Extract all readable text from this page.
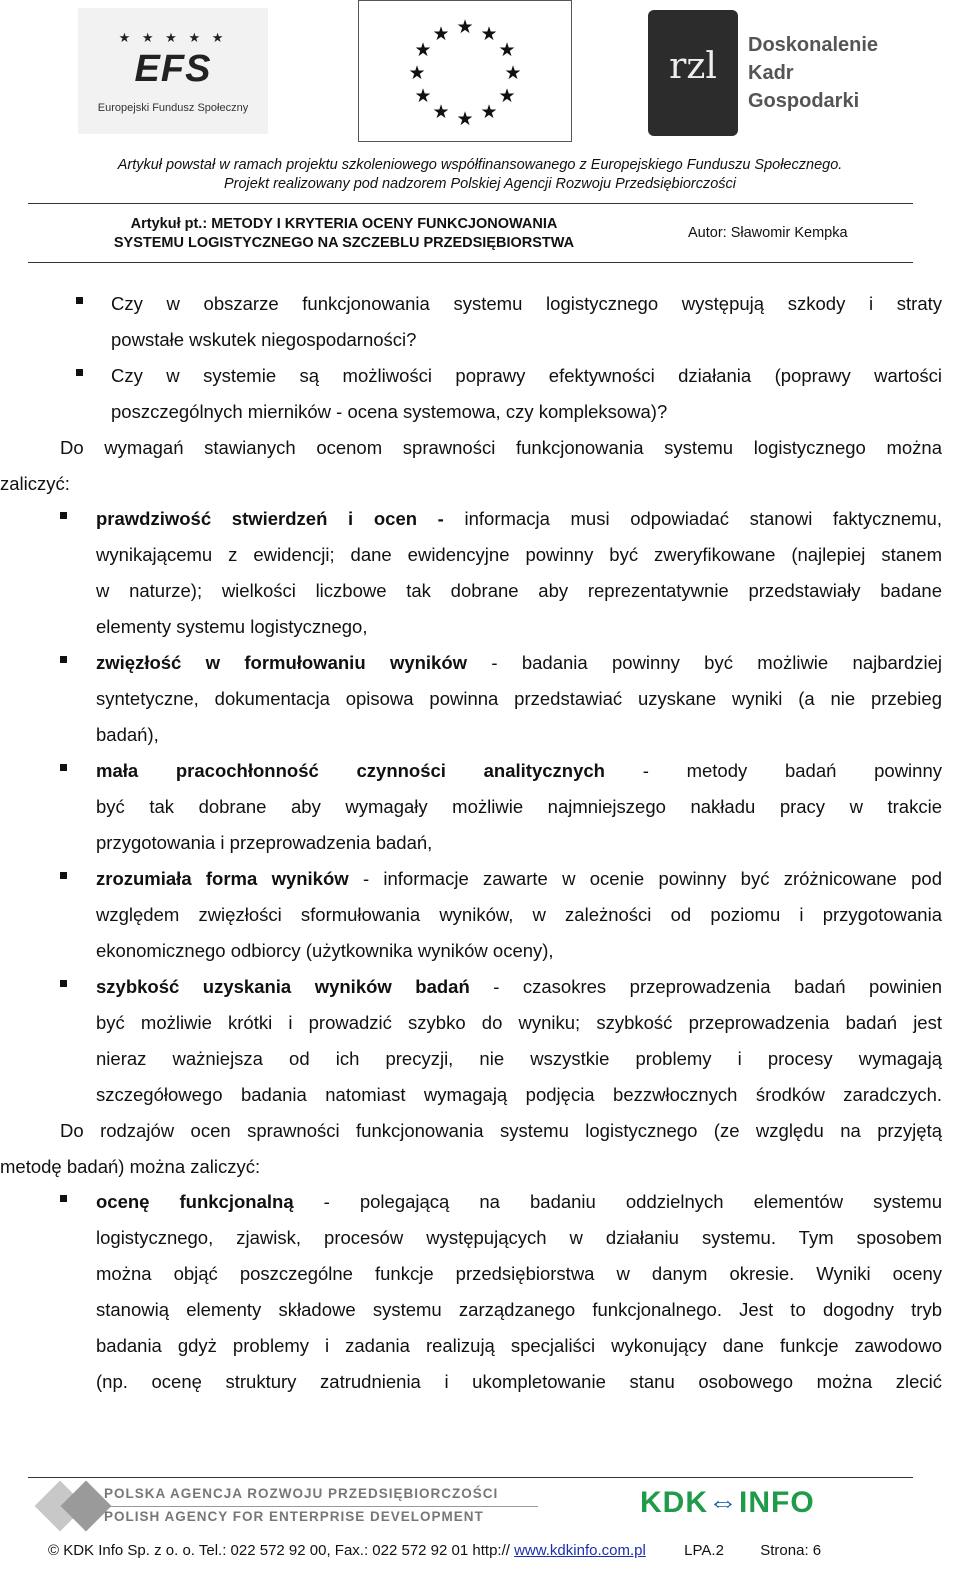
★ ★ ★ ★ ★
EFS
Europejski Fundusz Społeczny
★ ★
★
★
★
★
★
★
★
★
★
★
rzl
Doskonalenie
Kadr
Gospodarki
Artykuł powstał w ramach projektu szkoleniowego współfinansowanego z Europejskiego Funduszu Społecznego.
Projekt realizowany pod nadzorem Polskiej Agencji Rozwoju Przedsiębiorczości
Artykuł pt.: METODY I KRYTERIA OCENY FUNKCJONOWANIA
SYSTEMU LOGISTYCZNEGO NA SZCZEBLU PRZEDSIĘBIORSTWA
Autor: Sławomir Kempka
Czy w obszarze funkcjonowania systemu logistycznego występują szkody i straty
powstałe wskutek niegospodarności?
Czy w systemie są możliwości poprawy efektywności działania (poprawy wartości
poszczególnych mierników - ocena systemowa, czy kompleksowa)?
Do wymagań stawianych ocenom sprawności funkcjonowania systemu logistycznego można
zaliczyć:
prawdziwość stwierdzeń i ocen - informacja musi odpowiadać stanowi faktycznemu,
wynikającemu z ewidencji; dane ewidencyjne powinny być zweryfikowane (najlepiej stanem
w naturze); wielkości liczbowe tak dobrane aby reprezentatywnie przedstawiały badane
elementy systemu logistycznego,
zwięzłość w formułowaniu wyników - badania powinny być możliwie najbardziej
syntetyczne, dokumentacja opisowa powinna przedstawiać uzyskane wyniki (a nie przebieg
badań),
mała pracochłonność czynności analitycznych - metody badań powinny
być tak dobrane aby wymagały możliwie najmniejszego nakładu pracy w trakcie
przygotowania i przeprowadzenia badań,
zrozumiała forma wyników - informacje zawarte w ocenie powinny być zróżnicowane pod
względem zwięzłości sformułowania wyników, w zależności od poziomu i przygotowania
ekonomicznego odbiorcy (użytkownika wyników oceny),
szybkość uzyskania wyników badań - czasokres przeprowadzenia badań powinien
być możliwie krótki i prowadzić szybko do wyniku; szybkość przeprowadzenia badań jest
nieraz ważniejsza od ich precyzji, nie wszystkie problemy i procesy wymagają
szczegółowego badania natomiast wymagają podjęcia bezzwłocznych środków zaradczych.
Do rodzajów ocen sprawności funkcjonowania systemu logistycznego (ze względu na przyjętą
metodę badań) można zaliczyć:
ocenę funkcjonalną - polegającą na badaniu oddzielnych elementów systemu
logistycznego, zjawisk, procesów występujących w działaniu systemu. Tym sposobem
można objąć poszczególne funkcje przedsiębiorstwa w danym okresie. Wyniki oceny
stanowią elementy składowe systemu zarządzanego funkcjonalnego. Jest to dogodny tryb
badania gdyż problemy i zadania realizują specjaliści wykonujący dane funkcje zawodowo
(np. ocenę struktury zatrudnienia i ukompletowanie stanu osobowego można zlecić
POLSKA AGENCJA ROZWOJU PRZEDSIĘBIORCZOŚCI
POLISH AGENCY FOR ENTERPRISE DEVELOPMENT	KDK⇔INFO
© KDK Info Sp. z o. o. Tel.: 022 572 92 00, Fax.: 022 572 92 01 http:// www.kdkinfo.com.pl	LPA.2 Strona: 6
